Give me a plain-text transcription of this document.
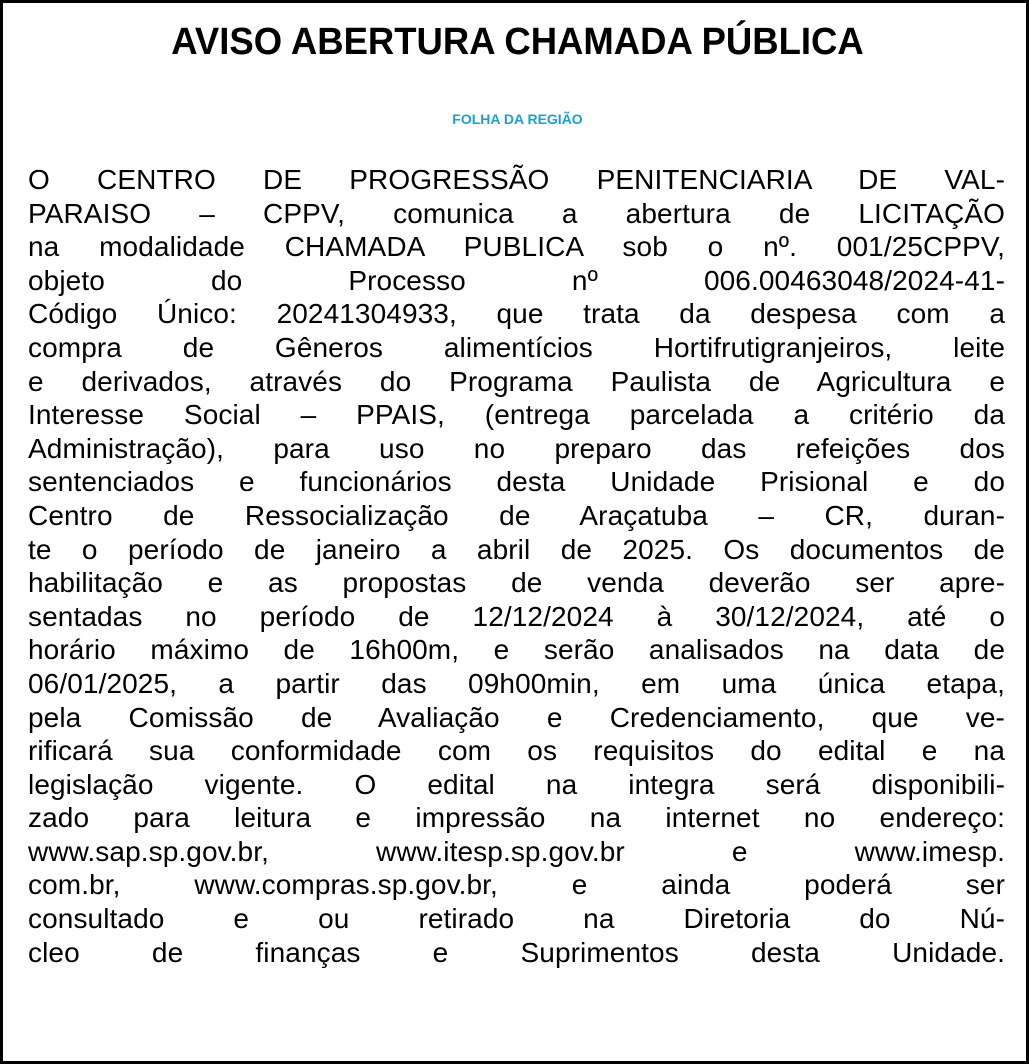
AVISO ABERTURA CHAMADA PÚBLICA
FOLHA DA REGIÃO

O CENTRO DE PROGRESSÃO PENITENCIARIA DE VAL-
PARAISO – CPPV, comunica a abertura de LICITAÇÃO
na modalidade CHAMADA PUBLICA sob o nº. 001/25CPPV,
objeto do Processo nº 006.00463048/2024-41-
Código Único: 20241304933, que trata da despesa com a
compra de Gêneros alimentícios Hortifrutigranjeiros, leite
e derivados, através do Programa Paulista de Agricultura e
Interesse Social – PPAIS, (entrega parcelada a critério da
Administração), para uso no preparo das refeições dos
sentenciados e funcionários desta Unidade Prisional e do
Centro de Ressocialização de Araçatuba – CR, duran-
te o período de janeiro a abril de 2025. Os documentos de
habilitação e as propostas de venda deverão ser apre-
sentadas no período de 12/12/2024 à 30/12/2024, até o
horário máximo de 16h00m, e serão analisados na data de
06/01/2025, a partir das 09h00min, em uma única etapa,
pela Comissão de Avaliação e Credenciamento, que ve-
rificará sua conformidade com os requisitos do edital e na
legislação vigente. O edital na integra será disponibili-
zado para leitura e impressão na internet no endereço:
www.sap.sp.gov.br, www.itesp.sp.gov.br e www.imesp.
com.br, www.compras.sp.gov.br, e ainda poderá ser
consultado e ou retirado na Diretoria do Nú-
cleo de finanças e Suprimentos desta Unidade.
